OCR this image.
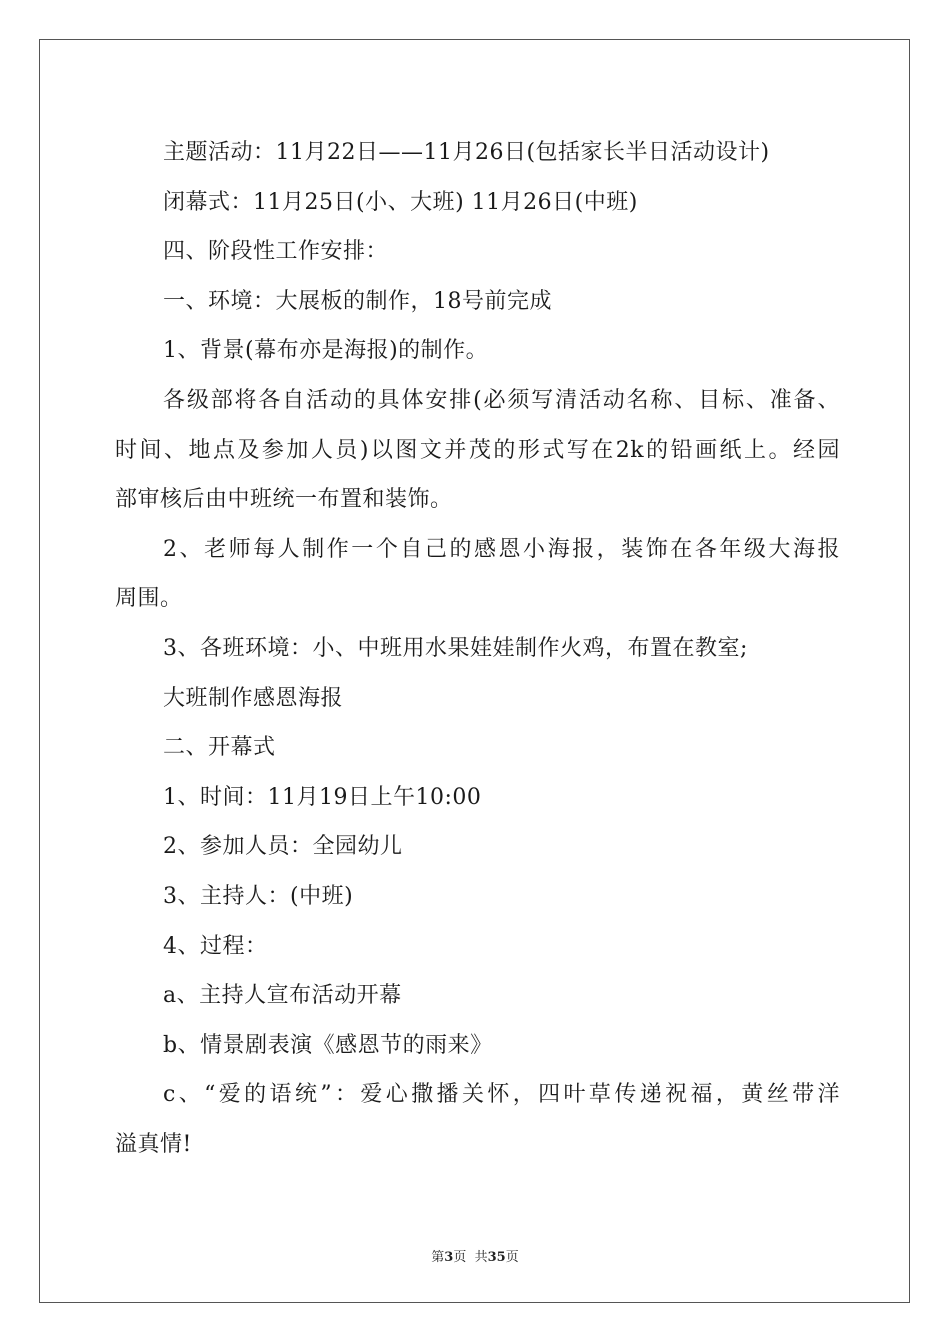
主题活动：11月22日——11月26日(包括家长半日活动设计)
闭幕式：11月25日(小、大班) 11月26日(中班)
四、阶段性工作安排：
一、环境：大展板的制作，18号前完成
1、背景(幕布亦是海报)的制作。
各级部将各自活动的具体安排(必须写清活动名称、目标、准备、
时间、地点及参加人员)以图文并茂的形式写在2k的铅画纸上。经园
部审核后由中班统一布置和装饰。
2、老师每人制作一个自己的感恩小海报，装饰在各年级大海报
周围。
3、各班环境：小、中班用水果娃娃制作火鸡，布置在教室;
大班制作感恩海报
二、开幕式
1、时间：11月19日上午10:00
2、参加人员：全园幼儿
3、主持人：(中班)
4、过程：
a、主持人宣布活动开幕
b、情景剧表演《感恩节的雨来》
c、“爱的语统”：爱心撒播关怀，四叶草传递祝福，黄丝带洋
溢真情!
第3页  共35页
